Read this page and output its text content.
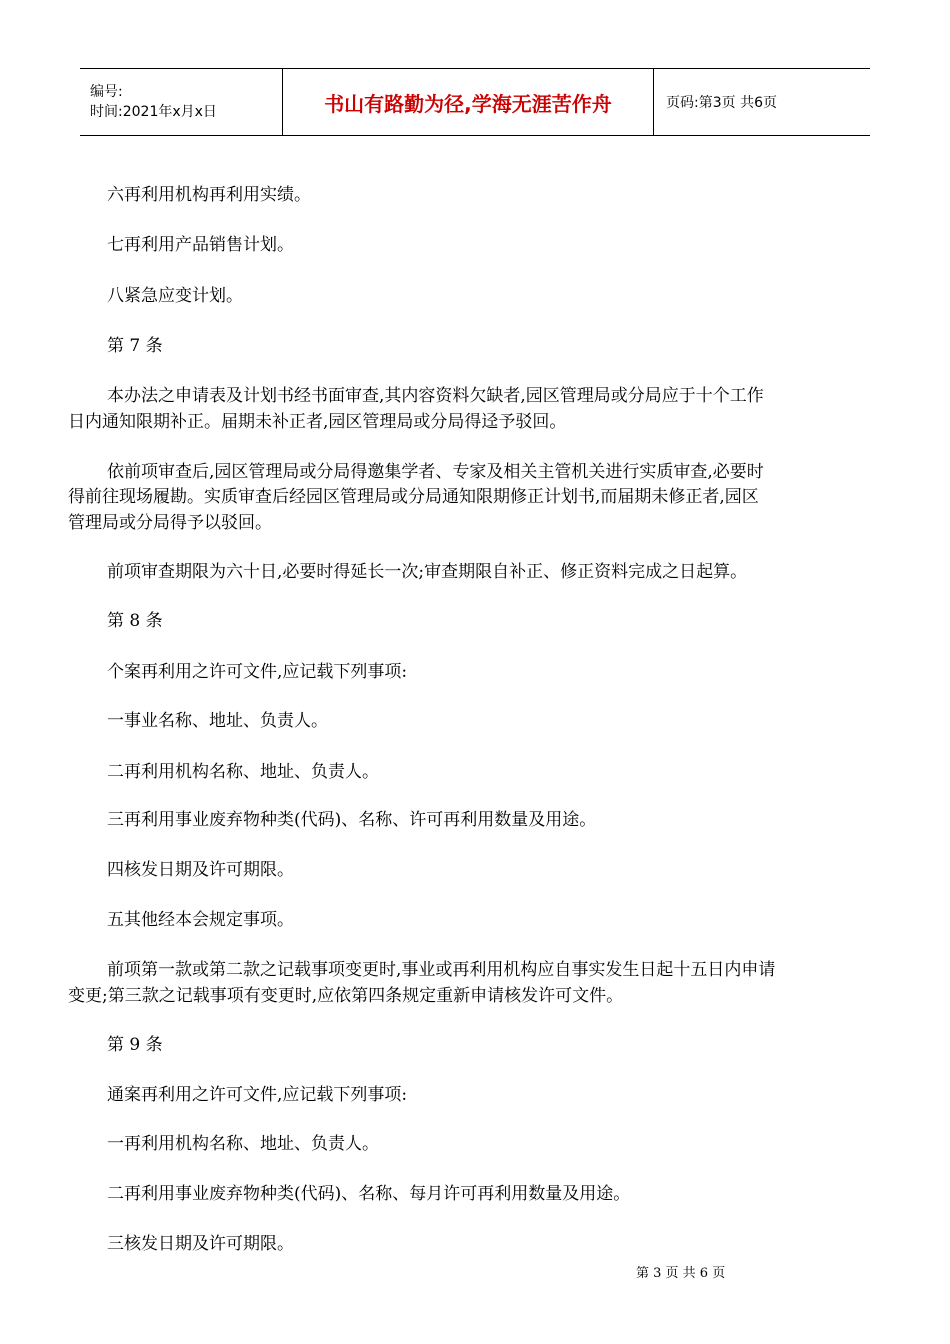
编号:
时间:2021年x月x日	书山有路勤为径,学海无涯苦作舟	页码:第3页 共6页
六再利用机构再利用实绩。
七再利用产品销售计划。
八紧急应变计划。
第 7 条
本办法之申请表及计划书经书面审查,其内容资料欠缺者,园区管理局或分局应于十个工作
日内通知限期补正。届期未补正者,园区管理局或分局得迳予驳回。
依前项审查后,园区管理局或分局得邀集学者、专家及相关主管机关进行实质审查,必要时
得前往现场履勘。实质审查后经园区管理局或分局通知限期修正计划书,而届期未修正者,园区
管理局或分局得予以驳回。
前项审查期限为六十日,必要时得延长一次;审查期限自补正、修正资料完成之日起算。
第 8 条
个案再利用之许可文件,应记载下列事项:
一事业名称、地址、负责人。
二再利用机构名称、地址、负责人。
三再利用事业废弃物种类(代码)、名称、许可再利用数量及用途。
四核发日期及许可期限。
五其他经本会规定事项。
前项第一款或第二款之记载事项变更时,事业或再利用机构应自事实发生日起十五日内申请
变更;第三款之记载事项有变更时,应依第四条规定重新申请核发许可文件。
第 9 条
通案再利用之许可文件,应记载下列事项:
一再利用机构名称、地址、负责人。
二再利用事业废弃物种类(代码)、名称、每月许可再利用数量及用途。
三核发日期及许可期限。
第 3 页 共 6 页
